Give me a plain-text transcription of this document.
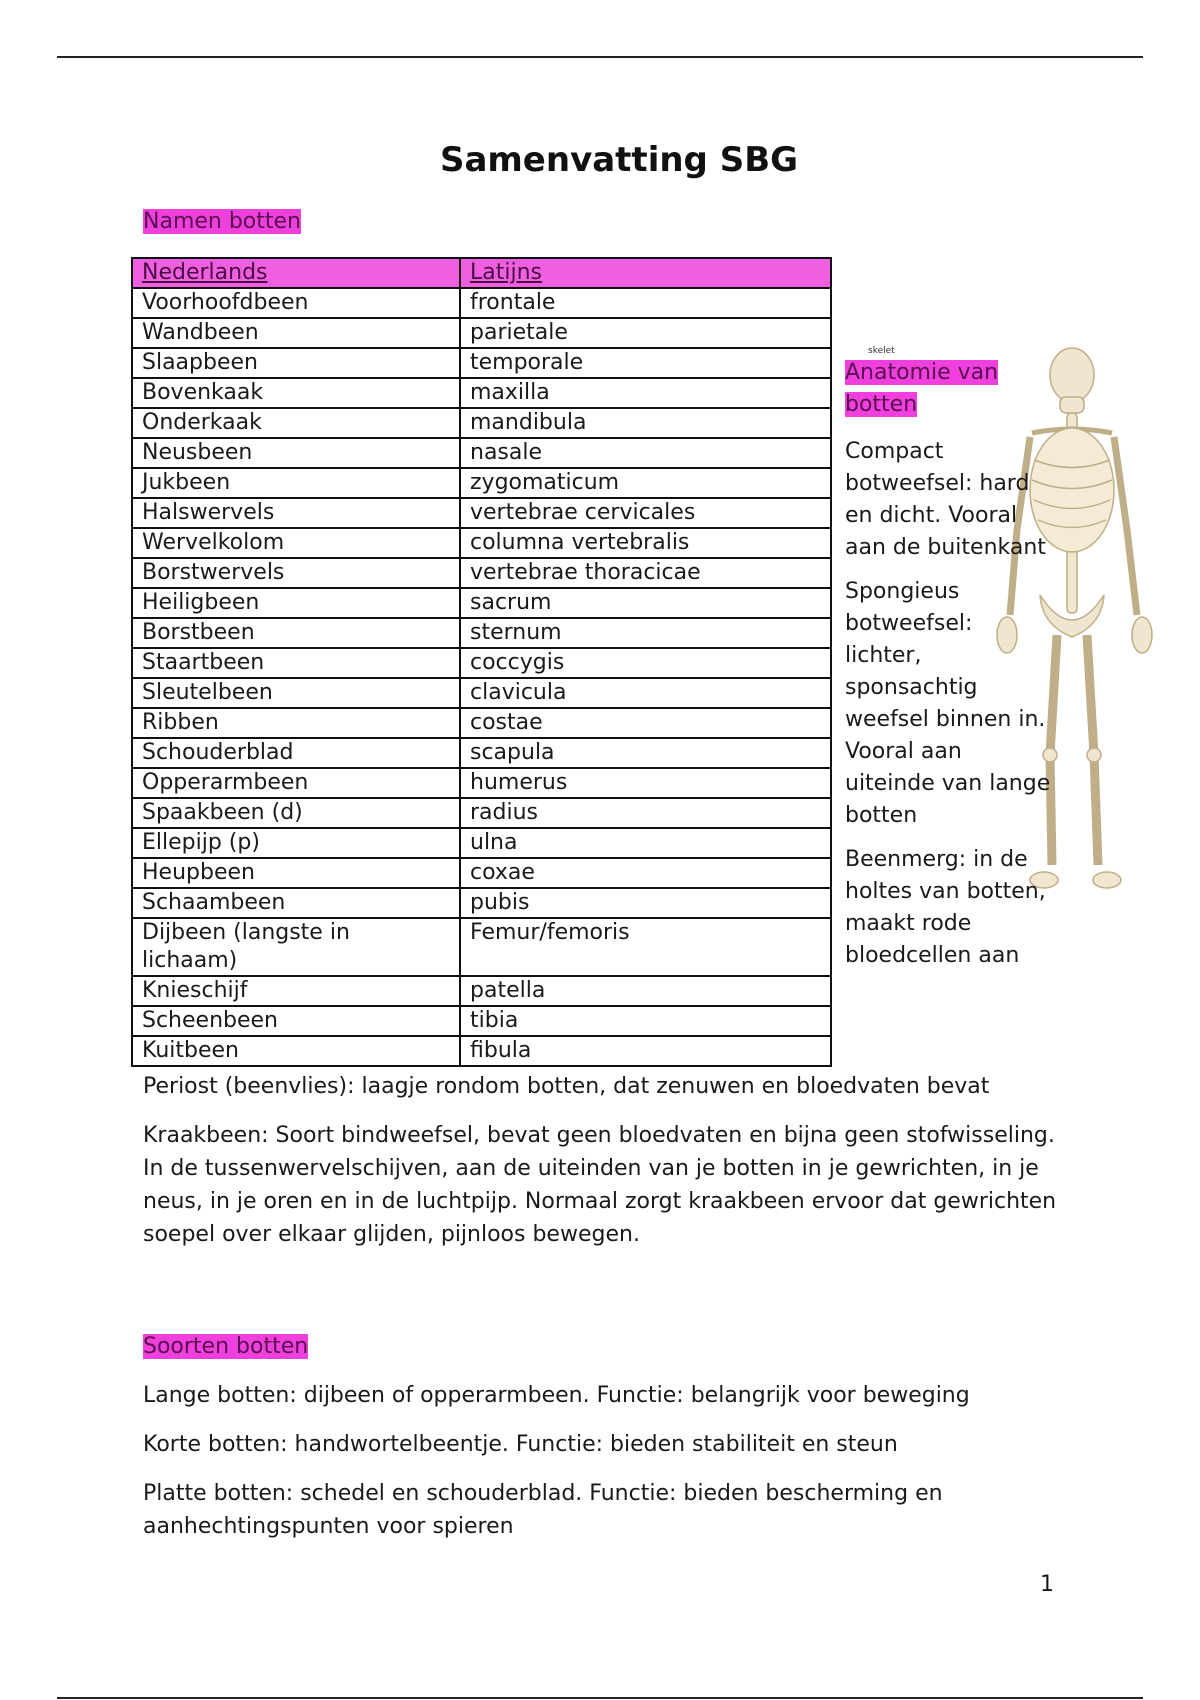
Samenvatting SBG
Namen botten
Nederlands	Latijns
Voorhoofdbeen	frontale
Wandbeen	parietale
Slaapbeen	temporale
Bovenkaak	maxilla
Onderkaak	mandibula
Neusbeen	nasale
Jukbeen	zygomaticum
Halswervels	vertebrae cervicales
Wervelkolom	columna vertebralis
Borstwervels	vertebrae thoracicae
Heiligbeen	sacrum
Borstbeen	sternum
Staartbeen	coccygis
Sleutelbeen	clavicula
Ribben	costae
Schouderblad	scapula
Opperarmbeen	humerus
Spaakbeen (d)	radius
Ellepijp (p)	ulna
Heupbeen	coxae
Schaambeen	pubis
Dijbeen (langste in lichaam)	Femur/femoris
Knieschijf	patella
Scheenbeen	tibia
Kuitbeen	fibula
skelet
Anatomie van botten

Compact botweefsel: hard en dicht. Vooral aan de buitenkant

Spongieus botweefsel: lichter, sponsachtig weefsel binnen in. Vooral aan uiteinde van lange botten

Beenmerg: in de holtes van botten, maakt rode bloedcellen aan

Periost (beenvlies): laagje rondom botten, dat zenuwen en bloedvaten bevat

Kraakbeen: Soort bindweefsel, bevat geen bloedvaten en bijna geen stofwisseling. In de tussenwervelschijven, aan de uiteinden van je botten in je gewrichten, in je neus, in je oren en in de luchtpijp. Normaal zorgt kraakbeen ervoor dat gewrichten soepel over elkaar glijden, pijnloos bewegen.

Soorten botten

Lange botten: dijbeen of opperarmbeen. Functie: belangrijk voor beweging

Korte botten: handwortelbeentje. Functie: bieden stabiliteit en steun

Platte botten: schedel en schouderblad. Functie: bieden bescherming en aanhechtingspunten voor spieren

1
